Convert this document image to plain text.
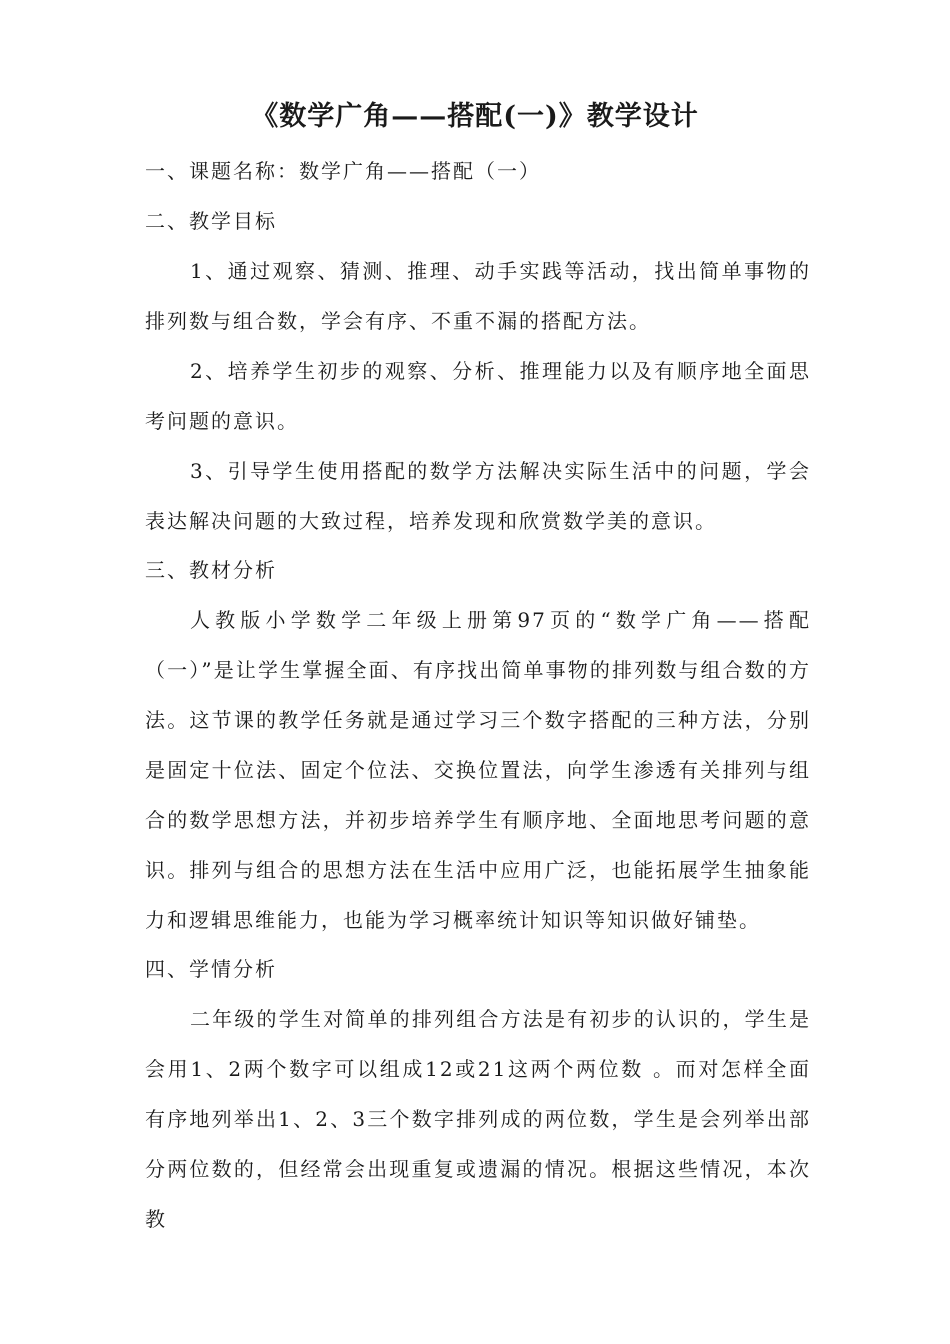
《数学广角——搭配(一)》教学设计

一、课题名称：数学广角——搭配（一）

二、教学目标

1、通过观察、猜测、推理、动手实践等活动，找出简单事物的排列数与组合数，学会有序、不重不漏的搭配方法。

2、培养学生初步的观察、分析、推理能力以及有顺序地全面思考问题的意识。

3、引导学生使用搭配的数学方法解决实际生活中的问题，学会表达解决问题的大致过程，培养发现和欣赏数学美的意识。

三、教材分析

人教版小学数学二年级上册第97页的“数学广角——搭配（一）”是让学生掌握全面、有序找出简单事物的排列数与组合数的方法。这节课的教学任务就是通过学习三个数字搭配的三种方法，分别是固定十位法、固定个位法、交换位置法，向学生渗透有关排列与组合的数学思想方法，并初步培养学生有顺序地、全面地思考问题的意识。排列与组合的思想方法在生活中应用广泛，也能拓展学生抽象能力和逻辑思维能力，也能为学习概率统计知识等知识做好铺垫。

四、学情分析

二年级的学生对简单的排列组合方法是有初步的认识的，学生是会用1、2两个数字可以组成12或21这两个两位数 。而对怎样全面有序地列举出1、2、3三个数字排列成的两位数，学生是会列举出部分两位数的，但经常会出现重复或遗漏的情况。根据这些情况，本次教
